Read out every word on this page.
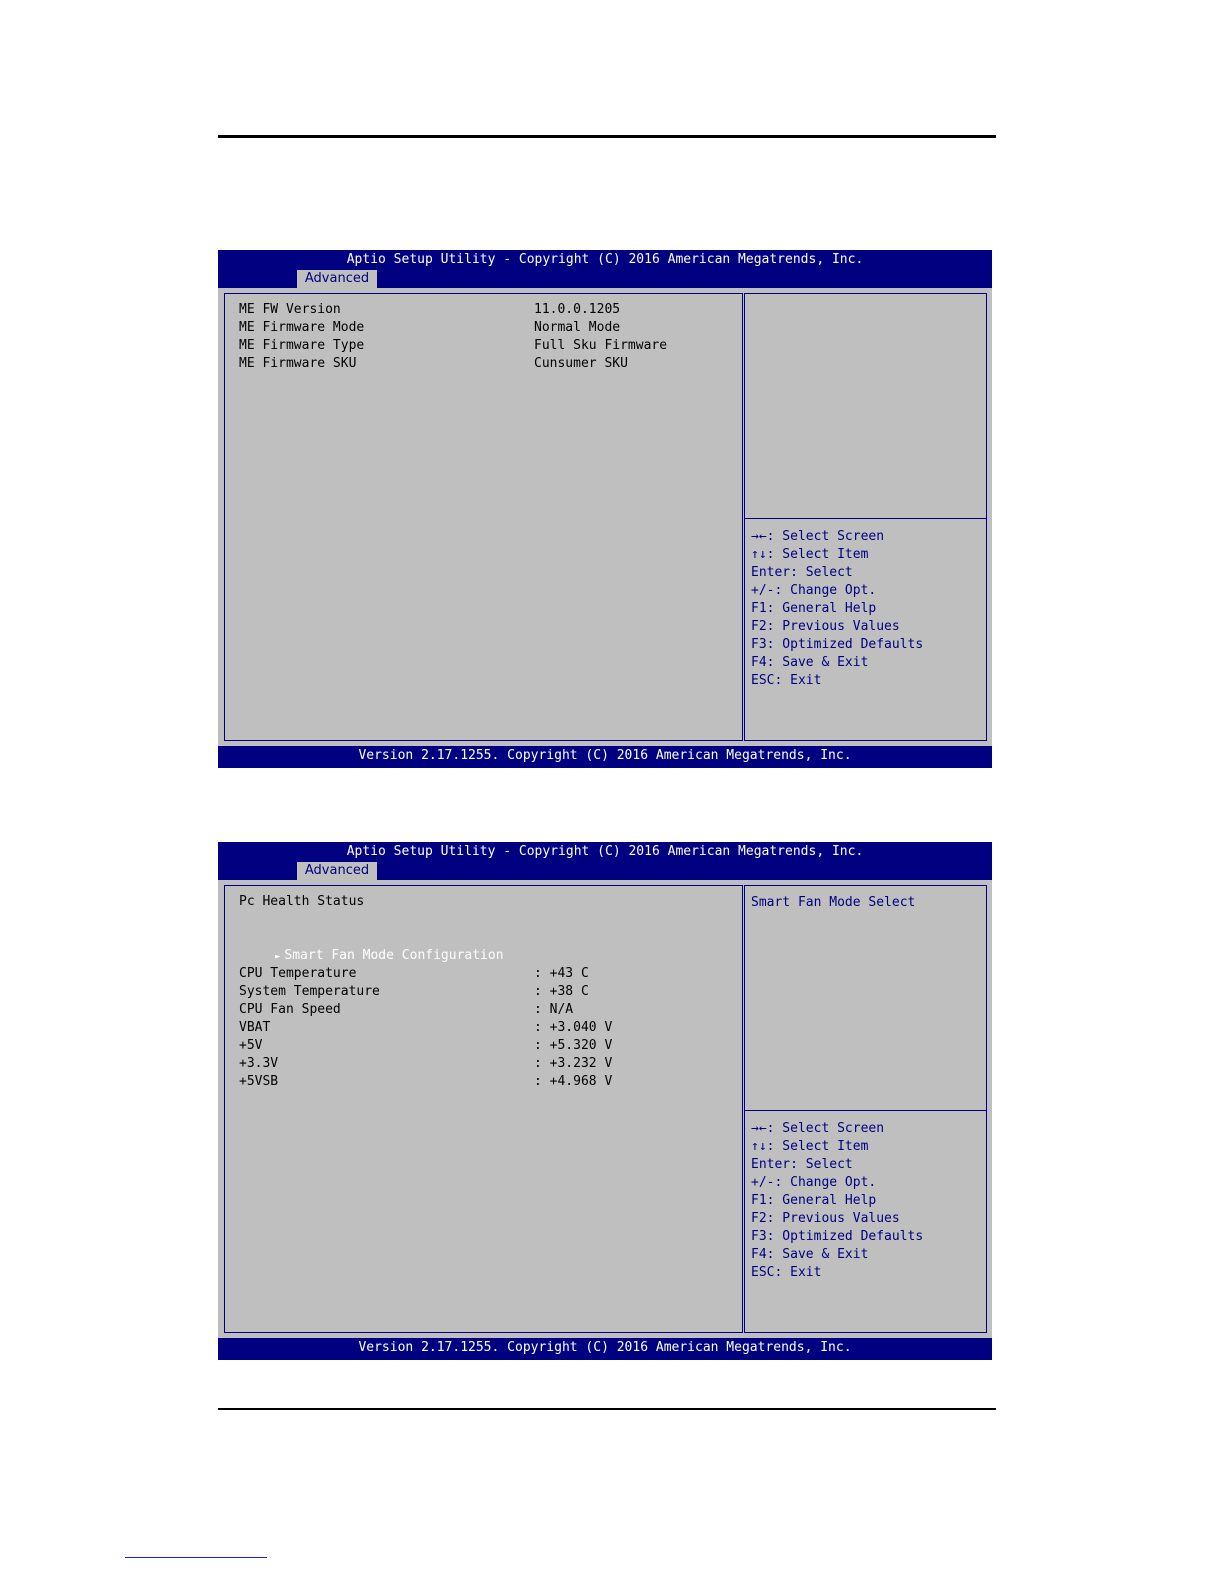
Aptio Setup Utility - Copyright (C) 2016 American Megatrends, Inc.
Advanced
ME FW Version	11.0.0.1205
ME Firmware Mode	Normal Mode
ME Firmware Type	Full Sku Firmware
ME Firmware SKU	Cunsumer SKU
→←: Select Screen
↑↓: Select Item
Enter: Select
+/-: Change Opt.
F1: General Help
F2: Previous Values
F3: Optimized Defaults
F4: Save & Exit
ESC: Exit
Version 2.17.1255. Copyright (C) 2016 American Megatrends, Inc.
Aptio Setup Utility - Copyright (C) 2016 American Megatrends, Inc.
Advanced
Pc Health Status

► Smart Fan Mode Configuration

CPU Temperature	: +43 C
System Temperature	: +38 C
CPU Fan Speed	: N/A
VBAT	: +3.040 V
+5V	: +5.320 V
+3.3V	: +3.232 V
+5VSB	: +4.968 V
Smart Fan Mode Select
→←: Select Screen
↑↓: Select Item
Enter: Select
+/-: Change Opt.
F1: General Help
F2: Previous Values
F3: Optimized Defaults
F4: Save & Exit
ESC: Exit
Version 2.17.1255. Copyright (C) 2016 American Megatrends, Inc.
